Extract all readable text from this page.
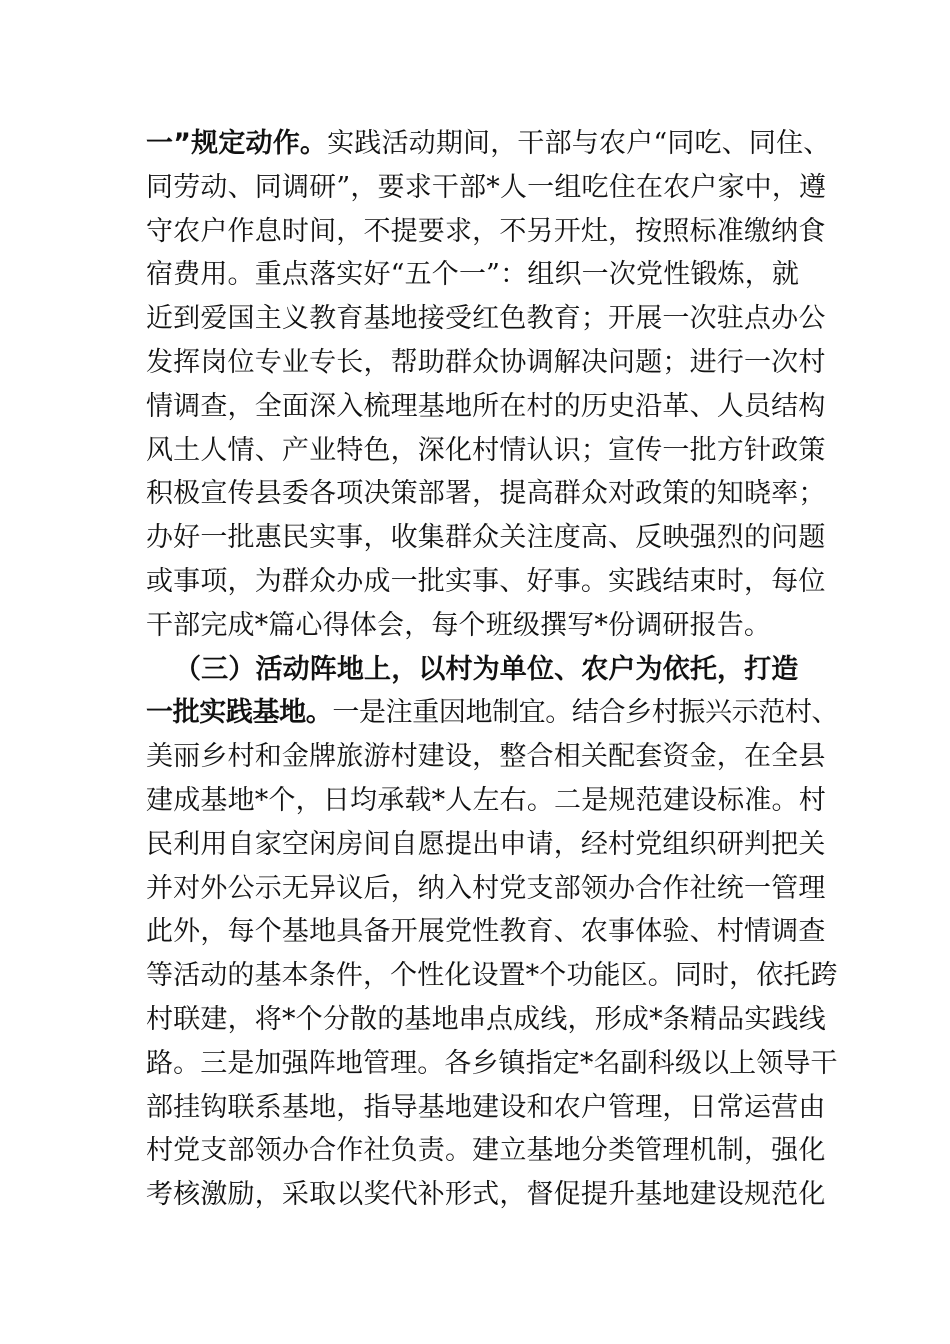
一”规定动作。实践活动期间，干部与农户“同吃、同住、
同劳动、同调研”，要求干部*人一组吃住在农户家中，遵
守农户作息时间，不提要求，不另开灶，按照标准缴纳食
宿费用。重点落实好“五个一”：组织一次党性锻炼，就
近到爱国主义教育基地接受红色教育；开展一次驻点办公
发挥岗位专业专长，帮助群众协调解决问题；进行一次村
情调查，全面深入梳理基地所在村的历史沿革、人员结构
风土人情、产业特色，深化村情认识；宣传一批方针政策
积极宣传县委各项决策部署，提高群众对政策的知晓率；
办好一批惠民实事，收集群众关注度高、反映强烈的问题
或事项，为群众办成一批实事、好事。实践结束时，每位
干部完成*篇心得体会，每个班级撰写*份调研报告。
（三）活动阵地上，以村为单位、农户为依托，打造
一批实践基地。一是注重因地制宜。结合乡村振兴示范村、
美丽乡村和金牌旅游村建设，整合相关配套资金，在全县
建成基地*个，日均承载*人左右。二是规范建设标准。村
民利用自家空闲房间自愿提出申请，经村党组织研判把关
并对外公示无异议后，纳入村党支部领办合作社统一管理
此外，每个基地具备开展党性教育、农事体验、村情调查
等活动的基本条件，个性化设置*个功能区。同时，依托跨
村联建，将*个分散的基地串点成线，形成*条精品实践线
路。三是加强阵地管理。各乡镇指定*名副科级以上领导干
部挂钩联系基地，指导基地建设和农户管理，日常运营由
村党支部领办合作社负责。建立基地分类管理机制，强化
考核激励，采取以奖代补形式，督促提升基地建设规范化
